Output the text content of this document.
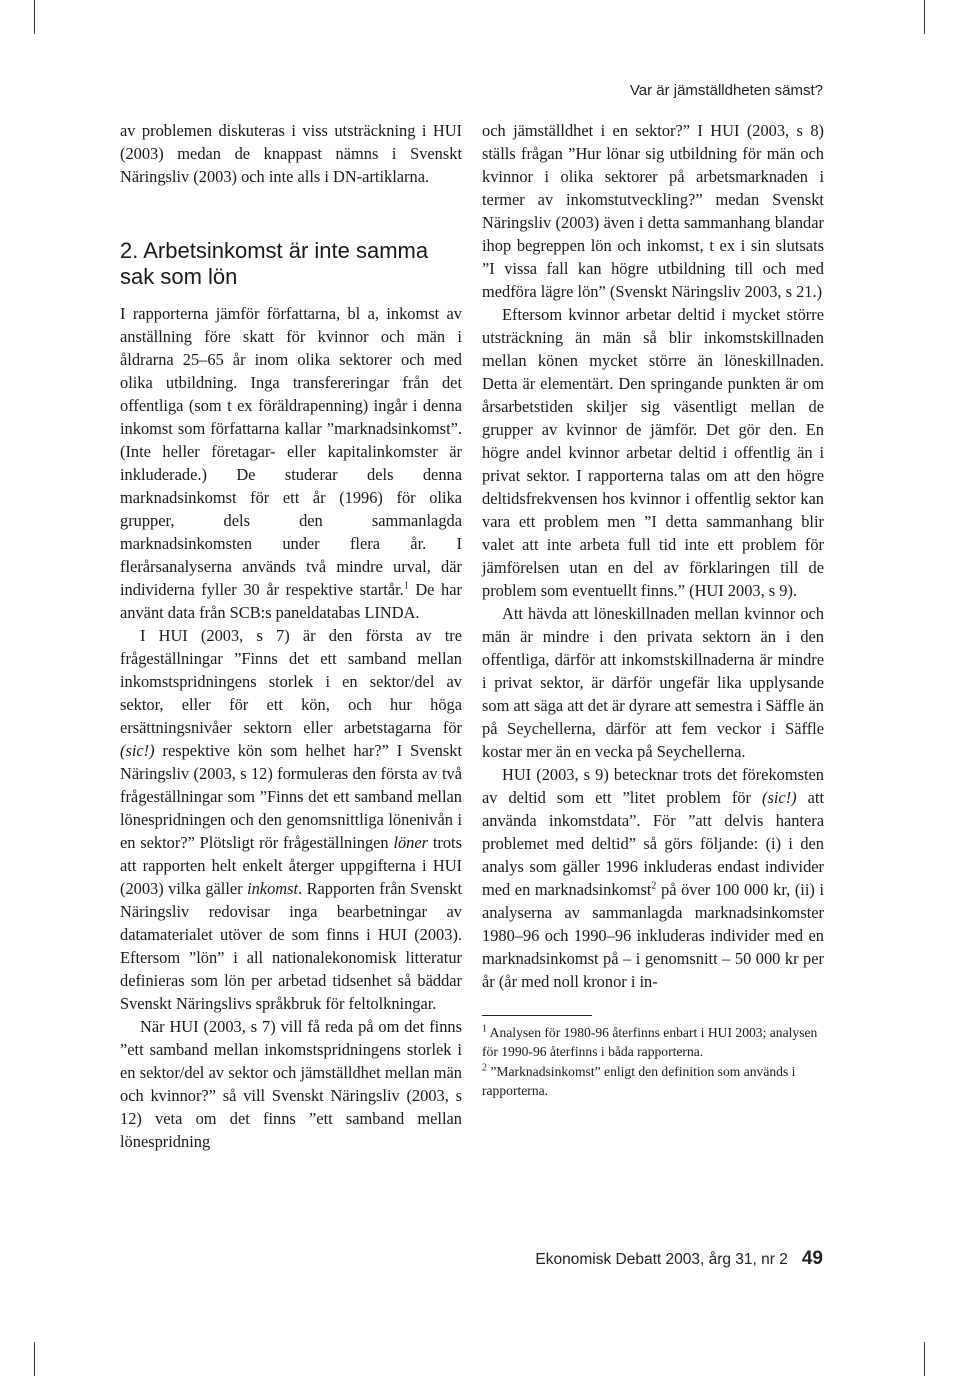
Var är jämställdheten sämst?

av problemen diskuteras i viss utsträckning i HUI (2003) medan de knappast nämns i Svenskt Näringsliv (2003) och inte alls i DN-artiklarna.

2. Arbetsinkomst är inte samma sak som lön

I rapporterna jämför författarna, bl a, inkomst av anställning före skatt för kvinnor och män i åldrarna 25–65 år inom olika sektorer och med olika utbildning. Inga transfereringar från det offentliga (som t ex föräldrapenning) ingår i denna inkomst som författarna kallar ”marknadsinkomst”. (Inte heller företagar- eller kapitalinkomster är inkluderade.) De studerar dels denna marknadsinkomst för ett år (1996) för olika grupper, dels den sammanlagda marknadsinkomsten under flera år. I flerårsanalyserna används två mindre urval, där individerna fyller 30 år respektive startår.$^1$ De har använt data från SCB:s paneldatabas LINDA.

I HUI (2003, s 7) är den första av tre frågeställningar ”Finns det ett samband mellan inkomstspridningens storlek i en sektor/del av sektor, eller för ett kön, och hur höga ersättningsnivåer sektorn eller arbetstagarna för (sic!) respektive kön som helhet har?” I Svenskt Näringsliv (2003, s 12) formuleras den första av två frågeställningar som ”Finns det ett samband mellan lönespridningen och den genomsnittliga lönenivån i en sektor?” Plötsligt rör frågeställningen löner trots att rapporten helt enkelt återger uppgifterna i HUI (2003) vilka gäller inkomst. Rapporten från Svenskt Näringsliv redovisar inga bearbetningar av datamaterialet utöver de som finns i HUI (2003). Eftersom ”lön” i all nationalekonomisk litteratur definieras som lön per arbetad tidsenhet så bäddar Svenskt Näringslivs språkbruk för feltolkningar.

När HUI (2003, s 7) vill få reda på om det finns ”ett samband mellan inkomstspridningens storlek i en sektor/del av sektor och jämställdhet mellan män och kvinnor?” så vill Svenskt Näringsliv (2003, s 12) veta om det finns ”ett samband mellan lönespridning

och jämställdhet i en sektor?” I HUI (2003, s 8) ställs frågan ”Hur lönar sig utbildning för män och kvinnor i olika sektorer på arbetsmarknaden i termer av inkomstutveckling?” medan Svenskt Näringsliv (2003) även i detta sammanhang blandar ihop begreppen lön och inkomst, t ex i sin slutsats ”I vissa fall kan högre utbildning till och med medföra lägre lön” (Svenskt Näringsliv 2003, s 21.)

Eftersom kvinnor arbetar deltid i mycket större utsträckning än män så blir inkomstskillnaden mellan könen mycket större än löneskillnaden. Detta är elementärt. Den springande punkten är om årsarbetstiden skiljer sig väsentligt mellan de grupper av kvinnor de jämför. Det gör den. En högre andel kvinnor arbetar deltid i offentlig än i privat sektor. I rapporterna talas om att den högre deltidsfrekvensen hos kvinnor i offentlig sektor kan vara ett problem men ”I detta sammanhang blir valet att inte arbeta full tid inte ett problem för jämförelsen utan en del av förklaringen till de problem som eventuellt finns.” (HUI 2003, s 9).

Att hävda att löneskillnaden mellan kvinnor och män är mindre i den privata sektorn än i den offentliga, därför att inkomstskillnaderna är mindre i privat sektor, är därför ungefär lika upplysande som att säga att det är dyrare att semestra i Säffle än på Seychellerna, därför att fem veckor i Säffle kostar mer än en vecka på Seychellerna.

HUI (2003, s 9) betecknar trots det förekomsten av deltid som ett ”litet problem för (sic!) att använda inkomstdata”. För ”att delvis hantera problemet med deltid” så görs följande: (i) i den analys som gäller 1996 inkluderas endast individer med en marknadsinkomst$^2$ på över 100 000 kr, (ii) i analyserna av sammanlagda marknadsinkomster 1980–96 och 1990–96 inkluderas individer med en marknadsinkomst på – i genomsnitt – 50 000 kr per år (år med noll kronor i in-

$^1$ Analysen för 1980-96 återfinns enbart i HUI 2003; analysen för 1990-96 återfinns i båda rapporterna.

$^2$ ”Marknadsinkomst” enligt den definition som används i rapporterna.

Ekonomisk Debatt 2003, årg 31, nr 2 49
